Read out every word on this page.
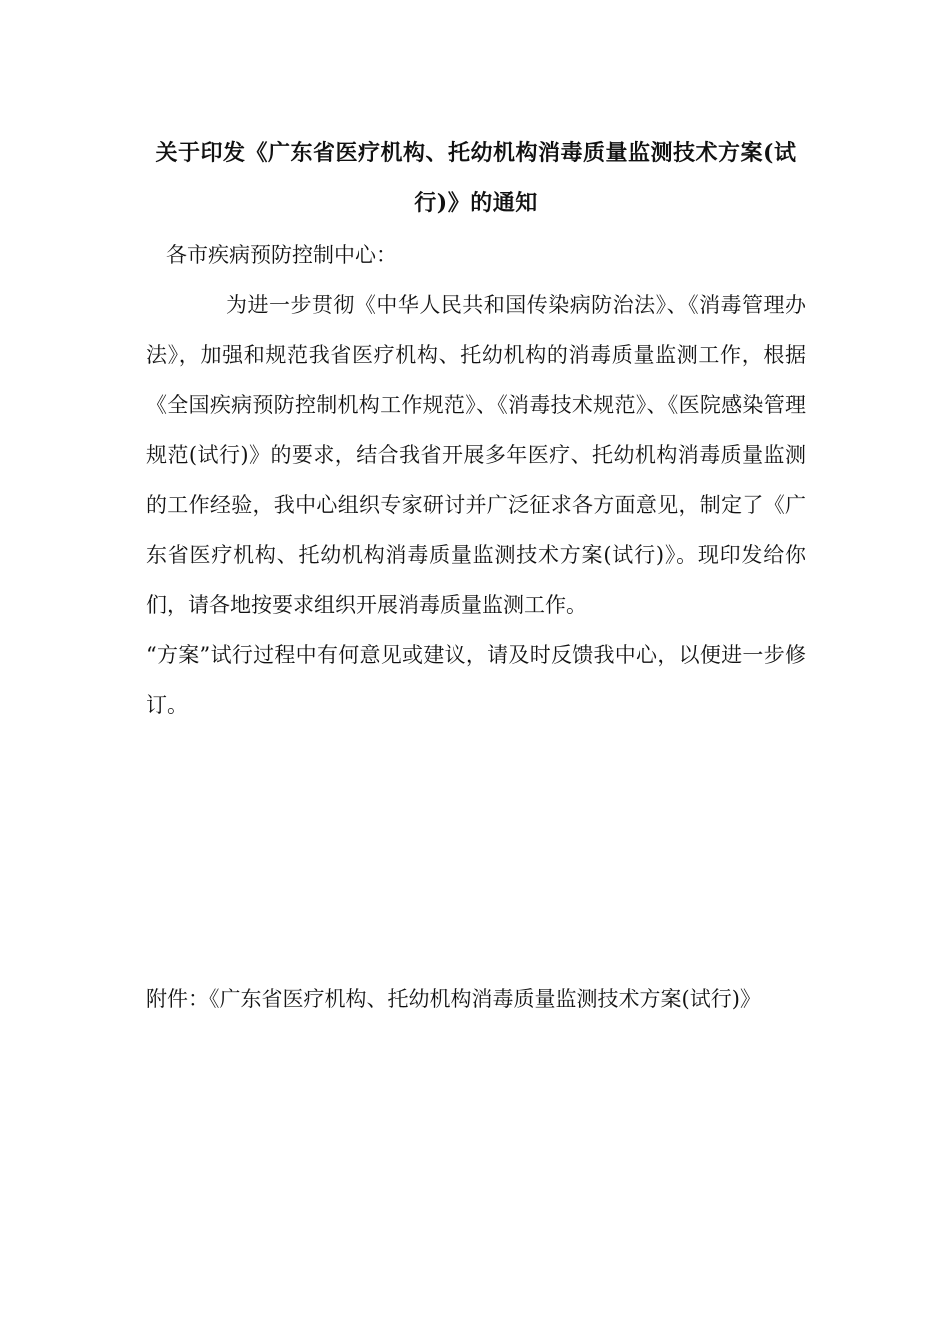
关于印发《广东省医疗机构、托幼机构消毒质量监测技术方案(试行)》的通知
各市疾病预防控制中心：

为进一步贯彻《中华人民共和国传染病防治法》、《消毒管理办法》，加强和规范我省医疗机构、托幼机构的消毒质量监测工作，根据《全国疾病预防控制机构工作规范》、《消毒技术规范》、《医院感染管理规范(试行)》的要求，结合我省开展多年医疗、托幼机构消毒质量监测的工作经验，我中心组织专家研讨并广泛征求各方面意见，制定了《广东省医疗机构、托幼机构消毒质量监测技术方案(试行)》。现印发给你们，请各地按要求组织开展消毒质量监测工作。

“方案”试行过程中有何意见或建议，请及时反馈我中心，以便进一步修订。

附件：《广东省医疗机构、托幼机构消毒质量监测技术方案(试行)》
